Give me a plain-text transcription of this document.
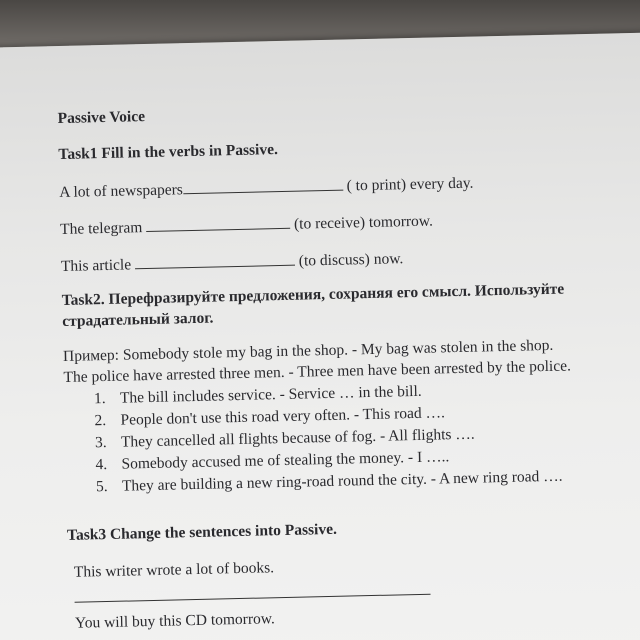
Passive Voice
Task1 Fill in the verbs in Passive.
A lot of newspapers	( to print) every day.
The telegram	(to receive) tomorrow.
This article	(to discuss) now.
Task2. Перефразируйте предложения, сохраняя его смысл. Используйте
страдательный залог.
Пример: Somebody stole my bag in the shop. - My bag was stolen in the shop.
The police have arrested three men. - Three men have been arrested by the police.
1. The bill includes service. - Service … in the bill.
2. People don't use this road very often. - This road ….
3. They cancelled all flights because of fog. - All flights ….
4. Somebody accused me of stealing the money. - I …..
5. They are building a new ring-road round the city. - A new ring road ….
Task3 Change the sentences into Passive.
This writer wrote a lot of books.
You will buy this CD tomorrow.
